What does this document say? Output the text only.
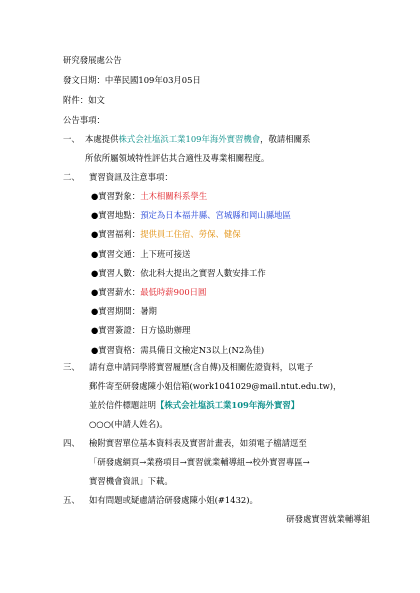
研究發展處公告
發文日期：中華民國109年03月05日
附件：如文
公告事項：
一、 本處提供株式会社塩浜工業109年海外實習機會，敬請相關系
所依所屬領域特性評估其合適性及專業相關程度。
二、 實習資訊及注意事項：
●實習對象：土木相關科系學生
●實習地點：預定為日本福井縣、宮城縣和岡山縣地區
●實習福利：提供員工住宿、勞保、健保
●實習交通：上下班可接送
●實習人數：依北科大提出之實習人數安排工作
●實習薪水：最低時薪900日圓
●實習期間：暑期
●實習簽證：日方協助辦理
●實習資格：需具備日文檢定N3以上(N2為佳)
三、 請有意申請同學將實習履歷(含自傳)及相關佐證資料，以電子
郵件寄至研發處陳小姐信箱(work1041029@mail.ntut.edu.tw)，
並於信件標題註明【株式会社塩浜工業109年海外實習】
○○○(申請人姓名)。
四、 檢附實習單位基本資料表及實習計畫表，如須電子檔請逕至
「研發處網頁→業務項目→實習就業輔導組→校外實習專區→
實習機會資訊」下載。
五、 如有問題或疑慮請洽研發處陳小姐(#1432)。
研發處實習就業輔導組
